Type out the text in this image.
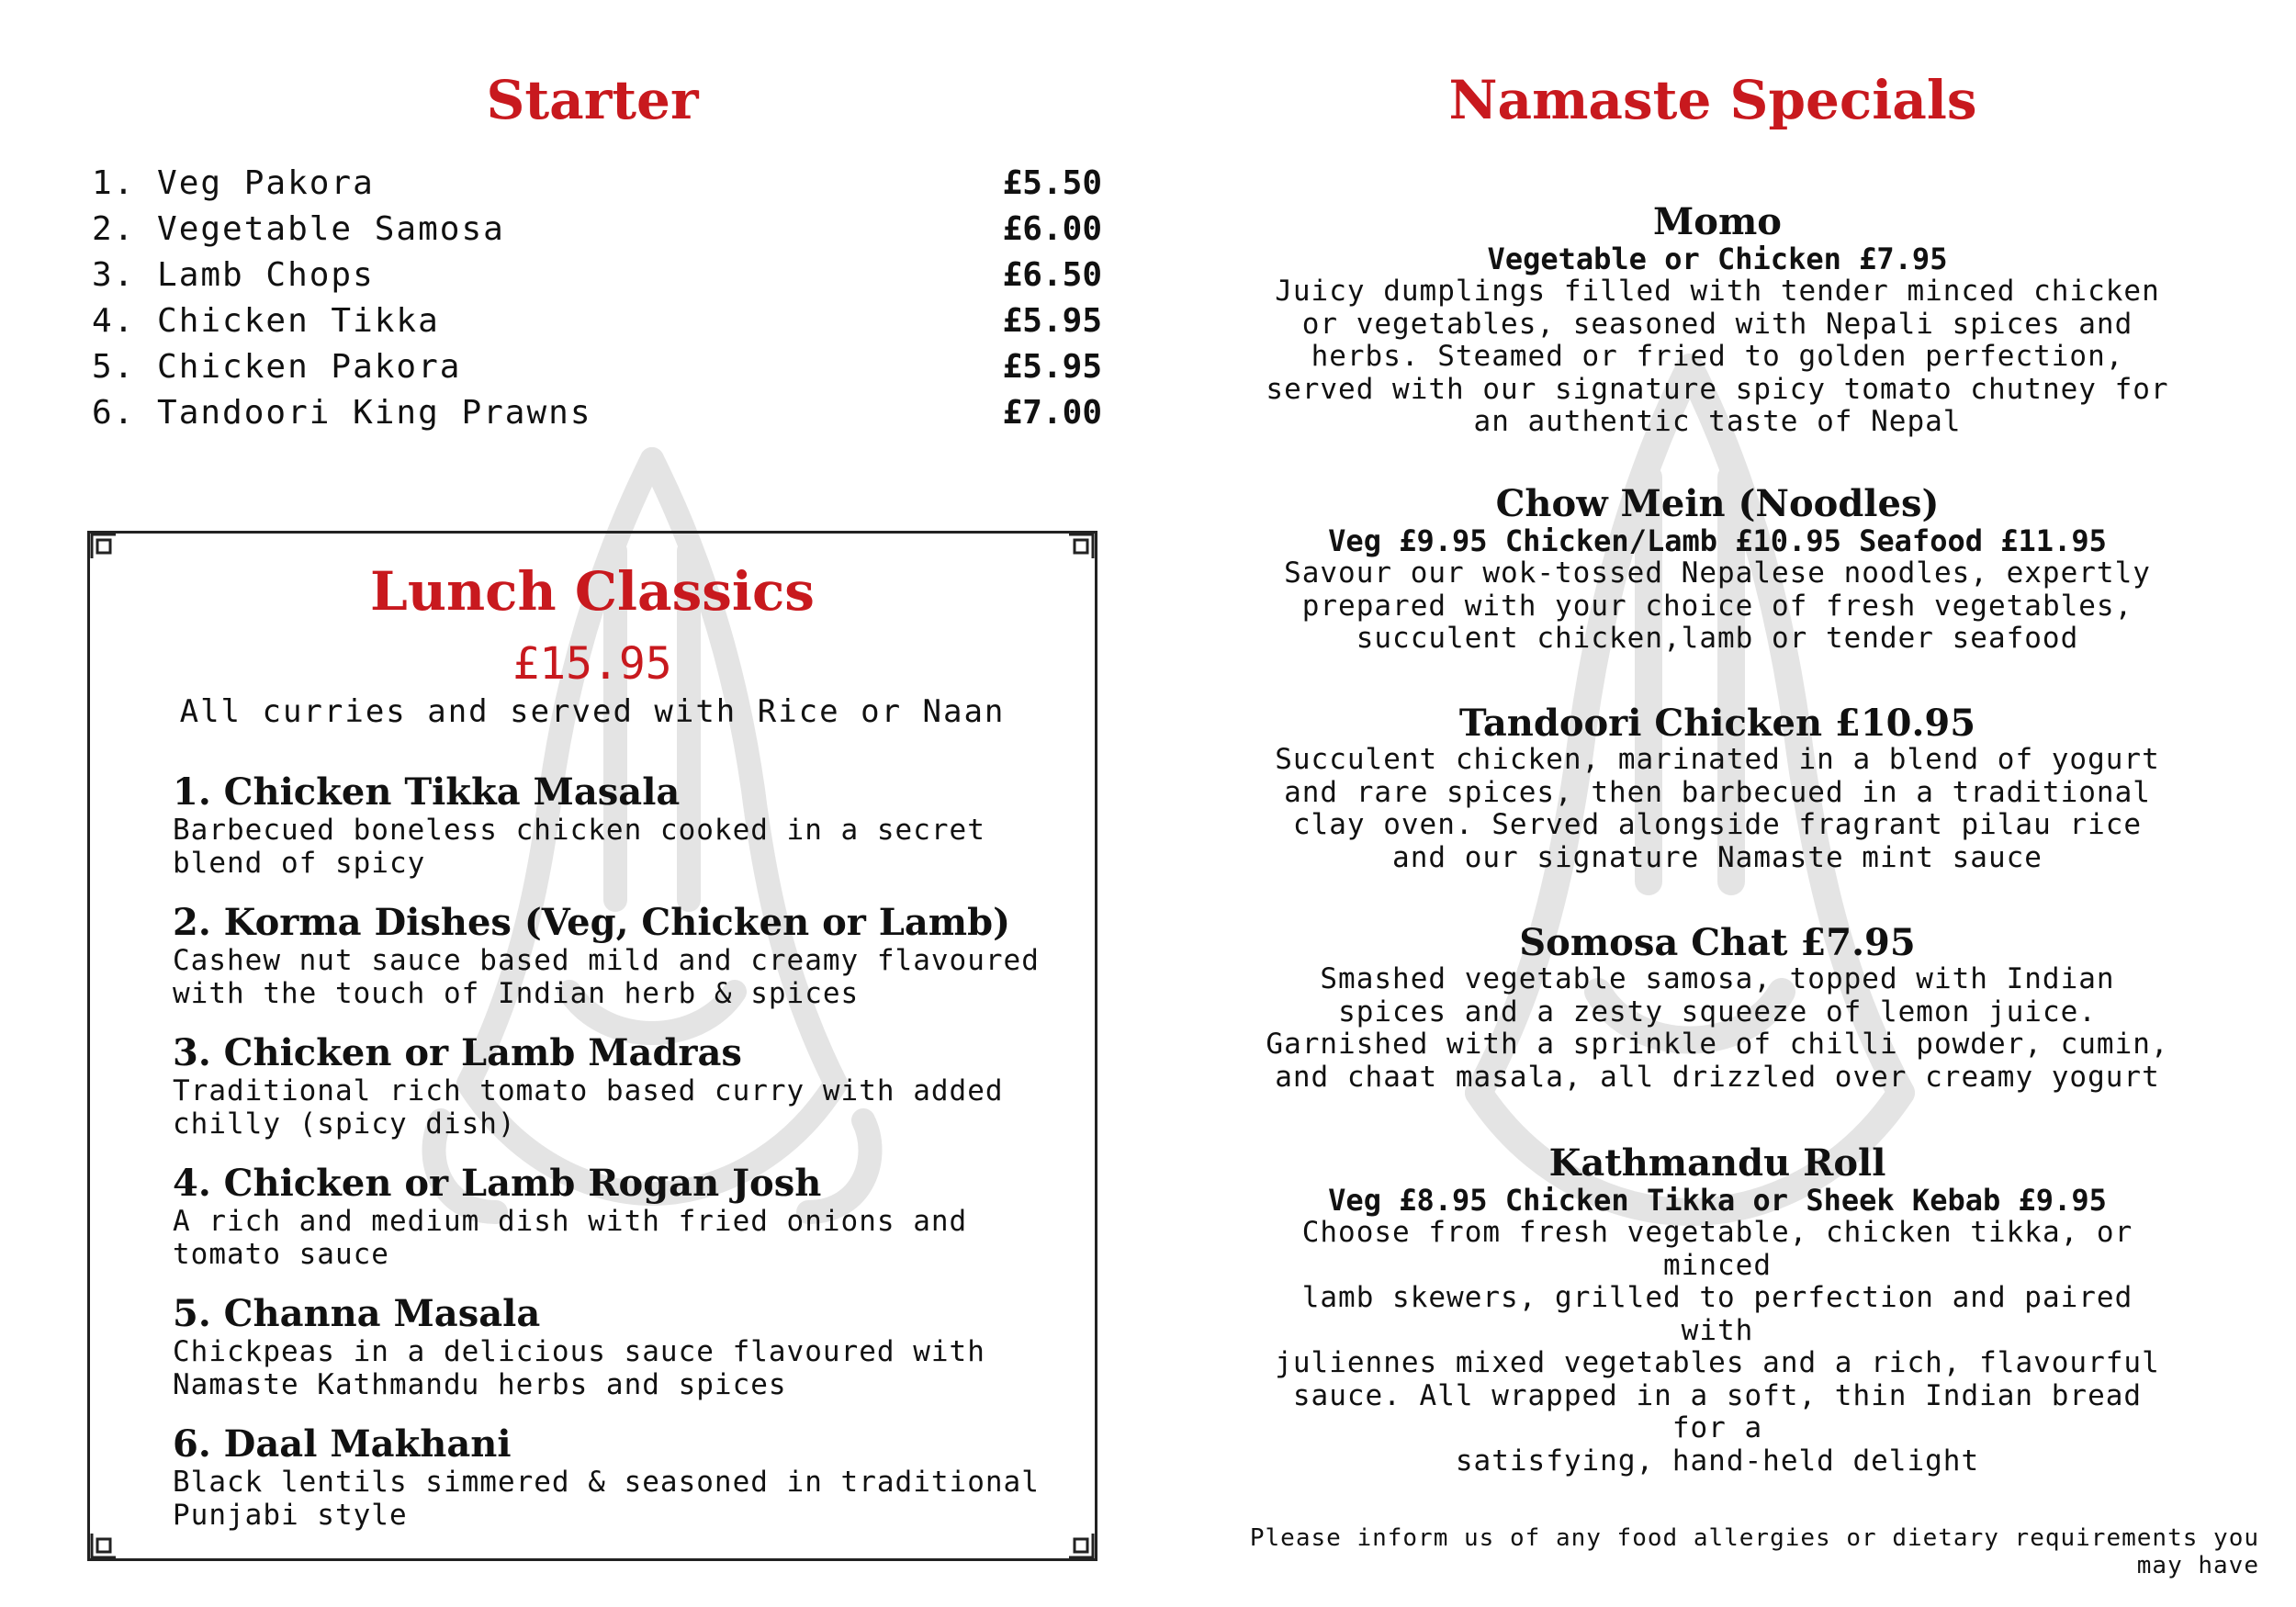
Starter
1. Veg Pakora	£5.50
2. Vegetable Samosa	£6.00
3. Lamb Chops	£6.50
4. Chicken Tikka	£5.95
5. Chicken Pakora	£5.95
6. Tandoori King Prawns	£7.00
Lunch Classics
£15.95
All curries and served with Rice or Naan
1. Chicken Tikka Masala
Barbecued boneless chicken cooked in a secret
blend of spicy
2. Korma Dishes (Veg, Chicken or Lamb)
Cashew nut sauce based mild and creamy flavoured
with the touch of Indian herb & spices
3. Chicken or Lamb Madras
Traditional rich tomato based curry with added
chilly (spicy dish)
4. Chicken or Lamb Rogan Josh
A rich and medium dish with fried onions and
tomato sauce
5. Channa Masala
Chickpeas in a delicious sauce flavoured with
Namaste Kathmandu herbs and spices
6. Daal Makhani
Black lentils simmered & seasoned in traditional
Punjabi style
Namaste Specials
Momo
Vegetable or Chicken £7.95
Juicy dumplings filled with tender minced chicken
or vegetables, seasoned with Nepali spices and
herbs. Steamed or fried to golden perfection,
served with our signature spicy tomato chutney for
an authentic taste of Nepal
Chow Mein (Noodles)
Veg £9.95 Chicken/Lamb £10.95 Seafood £11.95
Savour our wok-tossed Nepalese noodles, expertly
prepared with your choice of fresh vegetables,
succulent chicken,lamb or tender seafood
Tandoori Chicken £10.95
Succulent chicken, marinated in a blend of yogurt
and rare spices, then barbecued in a traditional
clay oven. Served alongside fragrant pilau rice
and our signature Namaste mint sauce
Somosa Chat £7.95
Smashed vegetable samosa, topped with Indian
spices and a zesty squeeze of lemon juice.
Garnished with a sprinkle of chilli powder, cumin,
and chaat masala, all drizzled over creamy yogurt
Kathmandu Roll
Veg £8.95 Chicken Tikka or Sheek Kebab £9.95
Choose from fresh vegetable, chicken tikka, or minced
lamb skewers, grilled to perfection and paired with
juliennes mixed vegetables and a rich, flavourful
sauce. All wrapped in a soft, thin Indian bread for a
satisfying, hand-held delight
Please inform us of any food allergies or dietary requirements you may have
